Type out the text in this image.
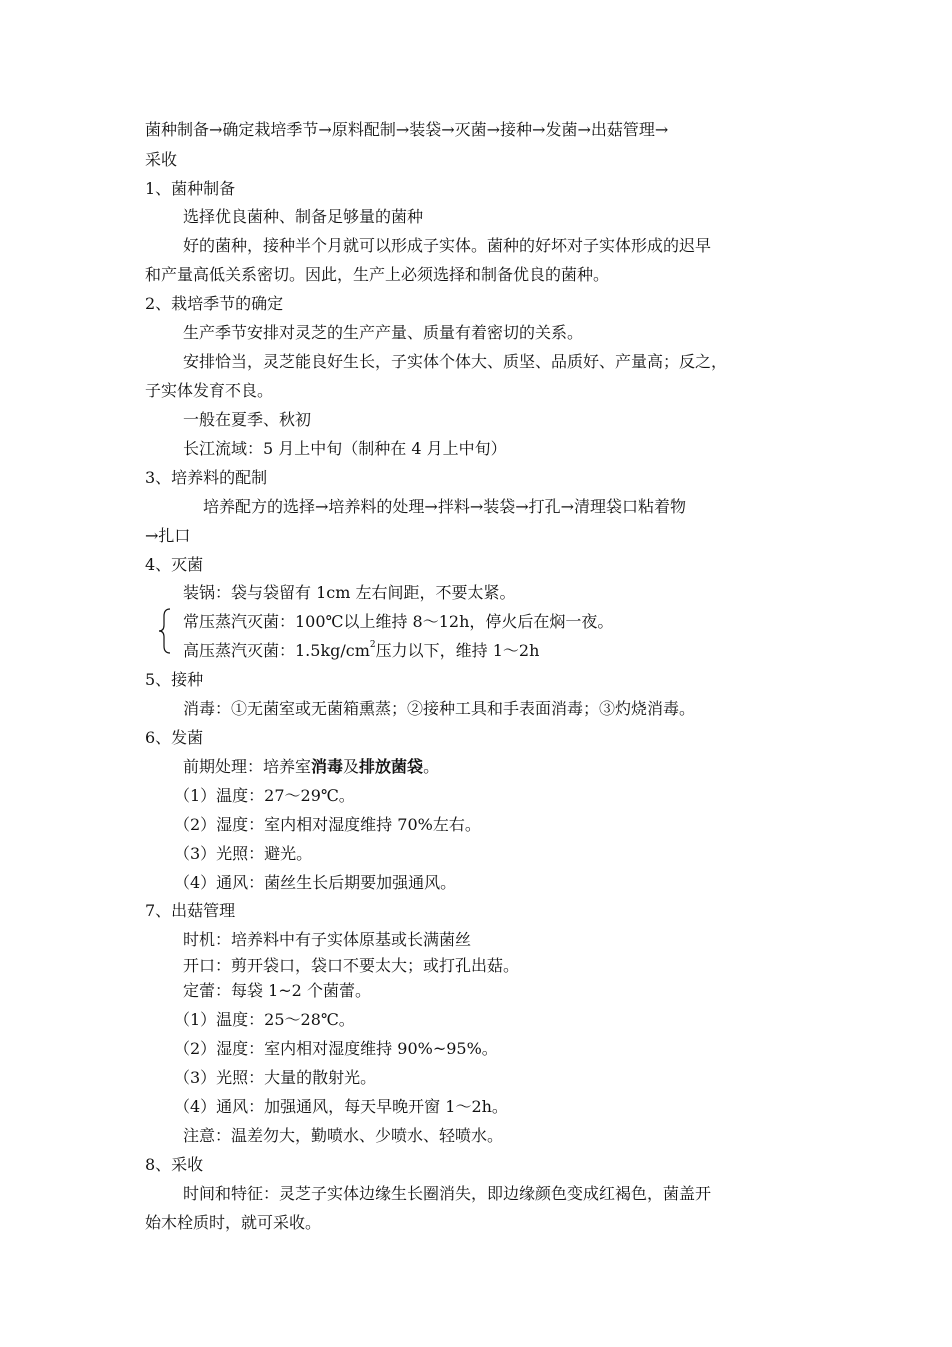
菌种制备→确定栽培季节→原料配制→装袋→灭菌→接种→发菌→出菇管理→
采收
1、菌种制备
选择优良菌种、制备足够量的菌种
好的菌种，接种半个月就可以形成子实体。菌种的好坏对子实体形成的迟早
和产量高低关系密切。因此，生产上必须选择和制备优良的菌种。
2、栽培季节的确定
生产季节安排对灵芝的生产产量、质量有着密切的关系。
安排恰当，灵芝能良好生长，子实体个体大、质坚、品质好、产量高；反之，
子实体发育不良。
一般在夏季、秋初
长江流域：5 月上中旬（制种在 4 月上中旬）
3、培养料的配制
培养配方的选择→培养料的处理→拌料→装袋→打孔→清理袋口粘着物
→扎口
4、灭菌
装锅：袋与袋留有 1cm 左右间距，不要太紧。
常压蒸汽灭菌：100℃以上维持 8～12h，停火后在焖一夜。
高压蒸汽灭菌：$1.5kg/cm^2$压力以下，维持 1～2h
5、接种
消毒：①无菌室或无菌箱熏蒸；②接种工具和手表面消毒；③灼烧消毒。
6、发菌
前期处理：培养室消毒及排放菌袋。
（1）温度：27～29℃。
（2）湿度：室内相对湿度维持 70%左右。
（3）光照：避光。
（4）通风：菌丝生长后期要加强通风。
7、出菇管理
时机：培养料中有子实体原基或长满菌丝
开口：剪开袋口，袋口不要太大；或打孔出菇。
定蕾：每袋 1~2 个菌蕾。
（1）温度：25～28℃。
（2）湿度：室内相对湿度维持 90%~95%。
（3）光照：大量的散射光。
（4）通风：加强通风，每天早晚开窗 1～2h。
注意：温差勿大，勤喷水、少喷水、轻喷水。
8、采收
时间和特征：灵芝子实体边缘生长圈消失，即边缘颜色变成红褐色，菌盖开
始木栓质时，就可采收。
